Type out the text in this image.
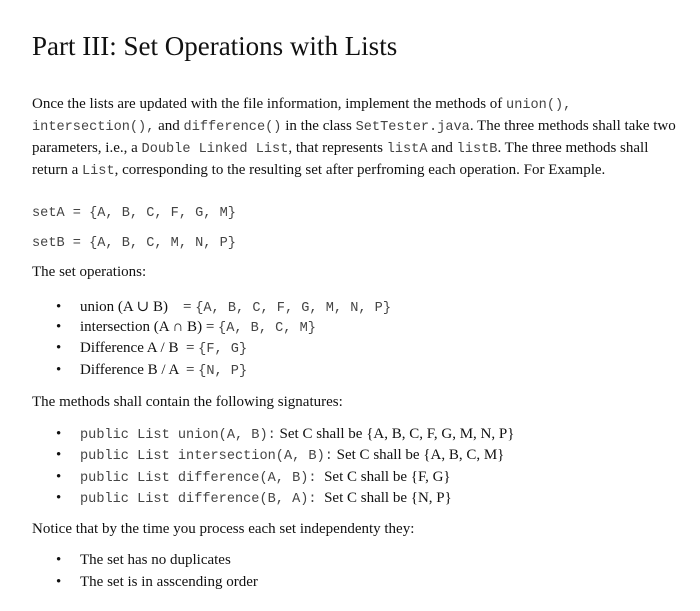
Part III: Set Operations with Lists
Once the lists are updated with the file information, implement the methods of union(), intersection(), and difference() in the class SetTester.java. The three methods shall take two parameters, i.e., a Double Linked List, that represents listA and listB. The three methods shall return a List, corresponding to the resulting set after perfroming each operation. For Example.
setA = {A, B, C, F, G, M}
setB = {A, B, C, M, N, P}
The set operations:
• union (A ∪ B) = {A, B, C, F, G, M, N, P}
• intersection (A ∩ B) = {A, B, C, M}
• Difference A / B = {F, G}
• Difference B / A = {N, P}
The methods shall contain the following signatures:
• public List union(A, B): Set C shall be {A, B, C, F, G, M, N, P}
• public List intersection(A, B): Set C shall be {A, B, C, M}
• public List difference(A, B):  Set C shall be {F, G}
• public List difference(B, A):  Set C shall be {N, P}
Notice that by the time you process each set independenty they:
• The set has no duplicates
• The set is in asscending order
